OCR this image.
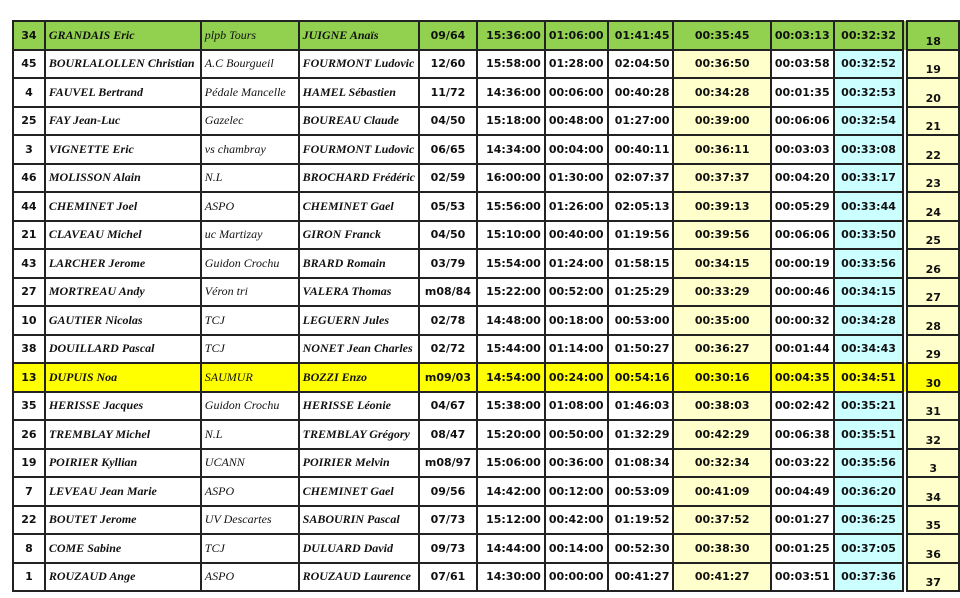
34	GRANDAIS Eric	plpb Tours	JUIGNE Anaïs	09/64	15:36:00	01:06:00	01:41:45	00:35:45	00:03:13	00:32:32		18
45	BOURLALOLLEN Christian	A.C Bourgueil	FOURMONT Ludovic	12/60	15:58:00	01:28:00	02:04:50	00:36:50	00:03:58	00:32:52		19
4	FAUVEL Bertrand	Pédale Mancelle	HAMEL Sébastien	11/72	14:36:00	00:06:00	00:40:28	00:34:28	00:01:35	00:32:53		20
25	FAY Jean-Luc	Gazelec	BOUREAU Claude	04/50	15:18:00	00:48:00	01:27:00	00:39:00	00:06:06	00:32:54		21
3	VIGNETTE Eric	vs chambray	FOURMONT Ludovic	06/65	14:34:00	00:04:00	00:40:11	00:36:11	00:03:03	00:33:08		22
46	MOLISSON Alain	N.L	BROCHARD Frédéric	02/59	16:00:00	01:30:00	02:07:37	00:37:37	00:04:20	00:33:17		23
44	CHEMINET Joel	ASPO	CHEMINET Gael	05/53	15:56:00	01:26:00	02:05:13	00:39:13	00:05:29	00:33:44		24
21	CLAVEAU Michel	uc Martizay	GIRON Franck	04/50	15:10:00	00:40:00	01:19:56	00:39:56	00:06:06	00:33:50		25
43	LARCHER Jerome	Guidon Crochu	BRARD Romain	03/79	15:54:00	01:24:00	01:58:15	00:34:15	00:00:19	00:33:56		26
27	MORTREAU Andy	Véron tri	VALERA Thomas	m08/84	15:22:00	00:52:00	01:25:29	00:33:29	00:00:46	00:34:15		27
10	GAUTIER Nicolas	TCJ	LEGUERN Jules	02/78	14:48:00	00:18:00	00:53:00	00:35:00	00:00:32	00:34:28		28
38	DOUILLARD Pascal	TCJ	NONET Jean Charles	02/72	15:44:00	01:14:00	01:50:27	00:36:27	00:01:44	00:34:43		29
13	DUPUIS Noa	SAUMUR	BOZZI Enzo	m09/03	14:54:00	00:24:00	00:54:16	00:30:16	00:04:35	00:34:51		30
35	HERISSE Jacques	Guidon Crochu	HERISSE Léonie	04/67	15:38:00	01:08:00	01:46:03	00:38:03	00:02:42	00:35:21		31
26	TREMBLAY Michel	N.L	TREMBLAY Grégory	08/47	15:20:00	00:50:00	01:32:29	00:42:29	00:06:38	00:35:51		32
19	POIRIER Kyllian	UCANN	POIRIER Melvin	m08/97	15:06:00	00:36:00	01:08:34	00:32:34	00:03:22	00:35:56		3
7	LEVEAU Jean Marie	ASPO	CHEMINET Gael	09/56	14:42:00	00:12:00	00:53:09	00:41:09	00:04:49	00:36:20		34
22	BOUTET Jerome	UV Descartes	SABOURIN Pascal	07/73	15:12:00	00:42:00	01:19:52	00:37:52	00:01:27	00:36:25		35
8	COME Sabine	TCJ	DULUARD David	09/73	14:44:00	00:14:00	00:52:30	00:38:30	00:01:25	00:37:05		36
1	ROUZAUD Ange	ASPO	ROUZAUD Laurence	07/61	14:30:00	00:00:00	00:41:27	00:41:27	00:03:51	00:37:36		37
